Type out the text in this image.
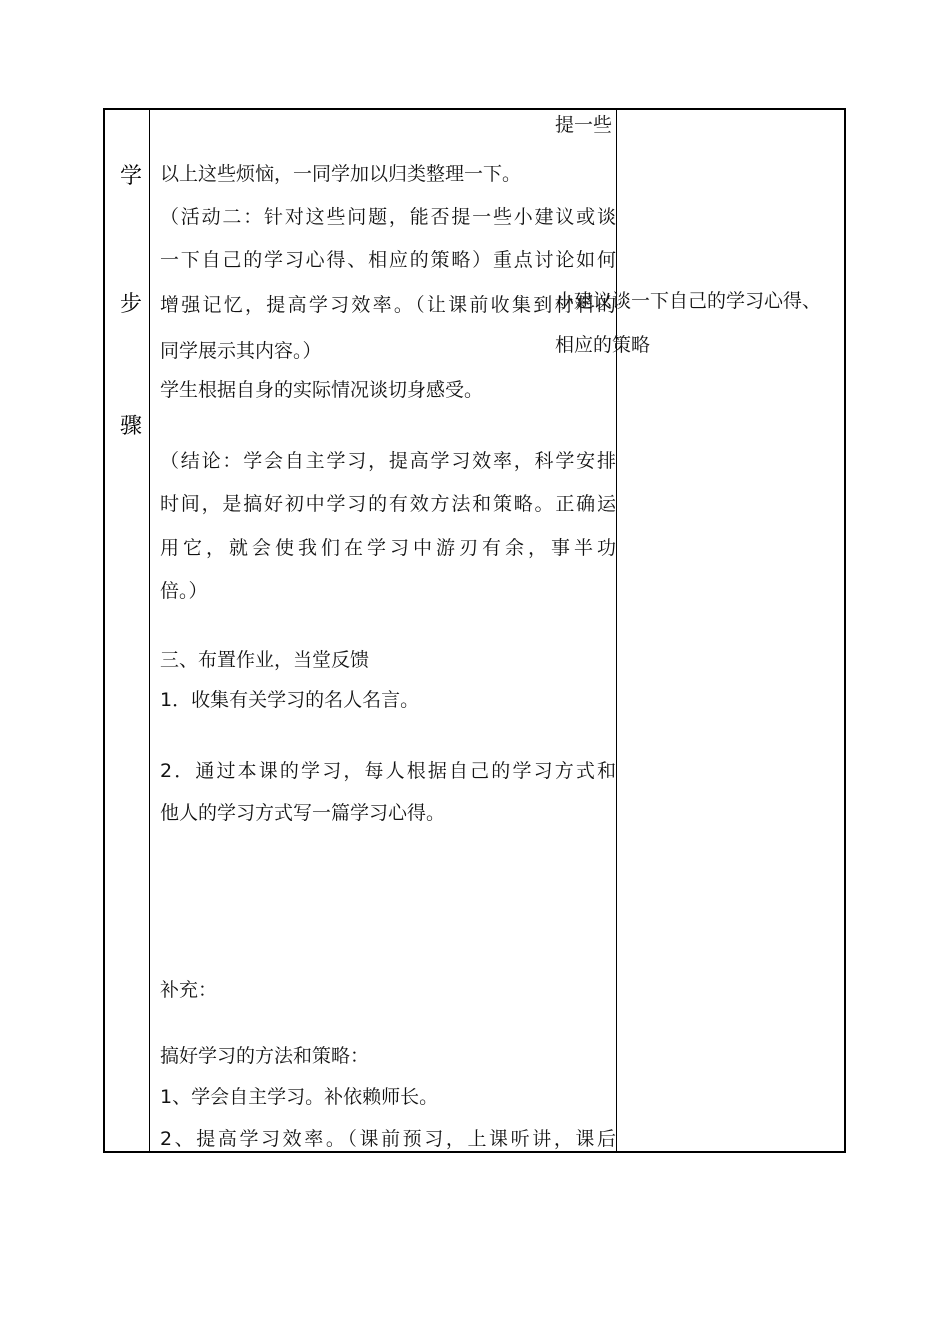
学
步
骤
提一些
以上这些烦恼，一同学加以归类整理一下。
（活动二：针对这些问题，能否提一些小建议或谈
一下自己的学习心得、相应的策略）重点讨论如何
增强记忆，提高学习效率。（让课前收集到材料的
同学展示其内容。）
学生根据自身的实际情况谈切身感受。
（结论：学会自主学习，提高学习效率，科学安排
时间，是搞好初中学习的有效方法和策略。正确运
用它，就会使我们在学习中游刃有余，事半功
倍。）
三、布置作业，当堂反馈
1．收集有关学习的名人名言。
2．通过本课的学习，每人根据自己的学习方式和
他人的学习方式写一篇学习心得。
补充：
搞好学习的方法和策略：
1、学会自主学习。补依赖师长。
2、提高学习效率。（课前预习，上课听讲，课后
小建议谈一下自己的学习心得、
相应的策略
